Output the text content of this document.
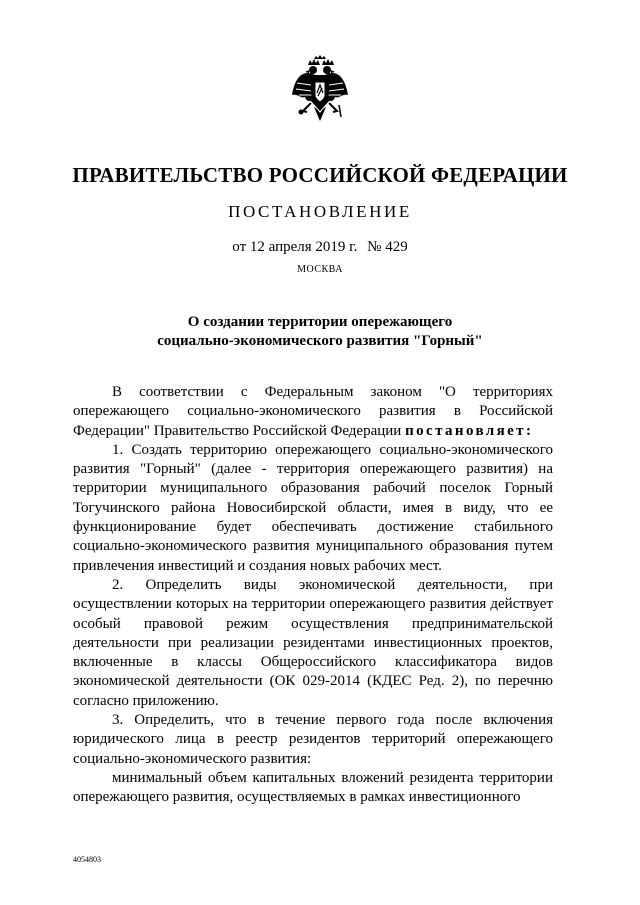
ПРАВИТЕЛЬСТВО РОССИЙСКОЙ ФЕДЕРАЦИИ
ПОСТАНОВЛЕНИЕ
от 12 апреля 2019 г. № 429
МОСКВА
О создании территории опережающего
социально-экономического развития "Горный"

В соответствии с Федеральным законом "О территориях опережающего социально-экономического развития в Российской Федерации" Правительство Российской Федерации постановляет:

1. Создать территорию опережающего социально-экономического развития "Горный" (далее - территория опережающего развития) на территории муниципального образования рабочий поселок Горный Тогучинского района Новосибирской области, имея в виду, что ее функционирование будет обеспечивать достижение стабильного социально-экономического развития муниципального образования путем привлечения инвестиций и создания новых рабочих мест.

2. Определить виды экономической деятельности, при осуществлении которых на территории опережающего развития действует особый правовой режим осуществления предпринимательской деятельности при реализации резидентами инвестиционных проектов, включенные в классы Общероссийского классификатора видов экономической деятельности (ОК 029-2014 (КДЕС Ред. 2), по перечню согласно приложению.

3. Определить, что в течение первого года после включения юридического лица в реестр резидентов территорий опережающего социально-экономического развития:

минимальный объем капитальных вложений резидента территории опережающего развития, осуществляемых в рамках инвестиционного

4054803
